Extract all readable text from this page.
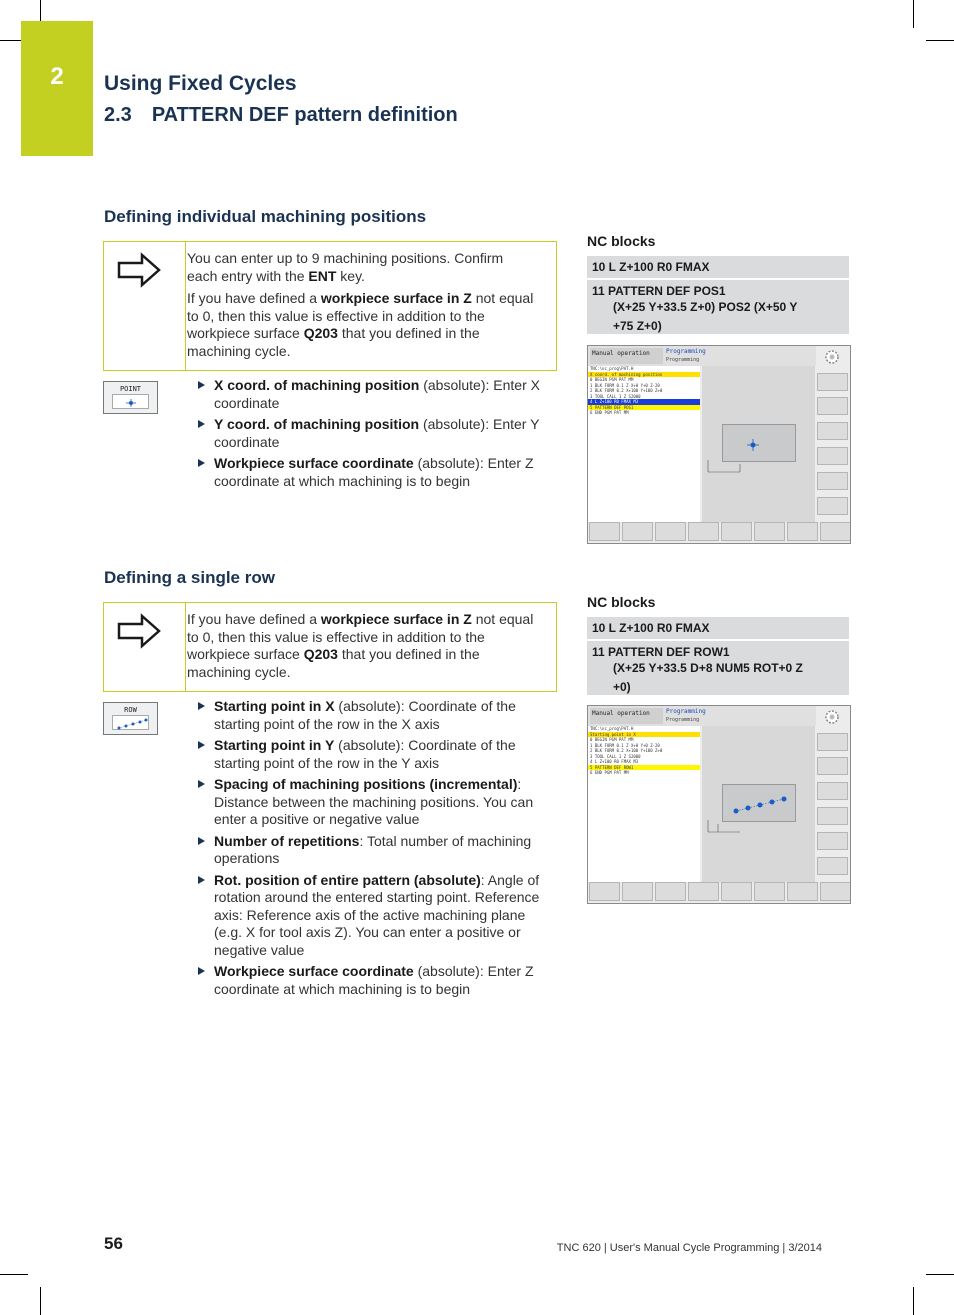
2	Using Fixed Cycles
2.3 PATTERN DEF pattern definition
Defining individual machining positions

You can enter up to 9 machining positions. Confirm each entry with the ENT key.

If you have defined a workpiece surface in Z not equal to 0, then this value is effective in addition to the workpiece surface Q203 that you defined in the machining cycle.

POINT	X coord. of machining position (absolute): Enter X coordinate
Y coord. of machining position (absolute): Enter Y coordinate
Workpiece surface coordinate (absolute): Enter Z coordinate at which machining is to begin
NC blocks
10 L Z+100 R0 FMAX
11 PATTERN DEF POS1
(X+25 Y+33.5 Z+0) POS2 (X+50 Y
+75 Z+0)
Manual operation	Programming
Programming
TNC:\nc_prog\PAT.H
X coord. of machining position
0 BEGIN PGM PAT MM
1 BLK FORM 0.1 Z X+0 Y+0 Z-20
2 BLK FORM 0.2 X+100 Y+100 Z+0
3 TOOL CALL 1 Z S2000
4 L Z+100 R0 FMAX M3
5 PATTERN DEF POS1
6 END PGM PAT MM
Defining a single row

If you have defined a workpiece surface in Z not equal to 0, then this value is effective in addition to the workpiece surface Q203 that you defined in the machining cycle.

ROW	Starting point in X (absolute): Coordinate of the starting point of the row in the X axis
Starting point in Y (absolute): Coordinate of the starting point of the row in the Y axis
Spacing of machining positions (incremental): Distance between the machining positions. You can enter a positive or negative value
Number of repetitions: Total number of machining operations
Rot. position of entire pattern (absolute): Angle of rotation around the entered starting point. Reference axis: Reference axis of the active machining plane (e.g. X for tool axis Z). You can enter a positive or negative value
Workpiece surface coordinate (absolute): Enter Z coordinate at which machining is to begin
NC blocks
10 L Z+100 R0 FMAX
11 PATTERN DEF ROW1
(X+25 Y+33.5 D+8 NUM5 ROT+0 Z
+0)
Manual operation	Programming
Programming
TNC:\nc_prog\PAT.H
Starting point in X
0 BEGIN PGM PAT MM
1 BLK FORM 0.1 Z X+0 Y+0 Z-20
2 BLK FORM 0.2 X+100 Y+100 Z+0
3 TOOL CALL 1 Z S2000
4 L Z+100 R0 FMAX M3
5 PATTERN DEF ROW1
6 END PGM PAT MM
56	TNC 620 | User's Manual Cycle Programming | 3/2014
